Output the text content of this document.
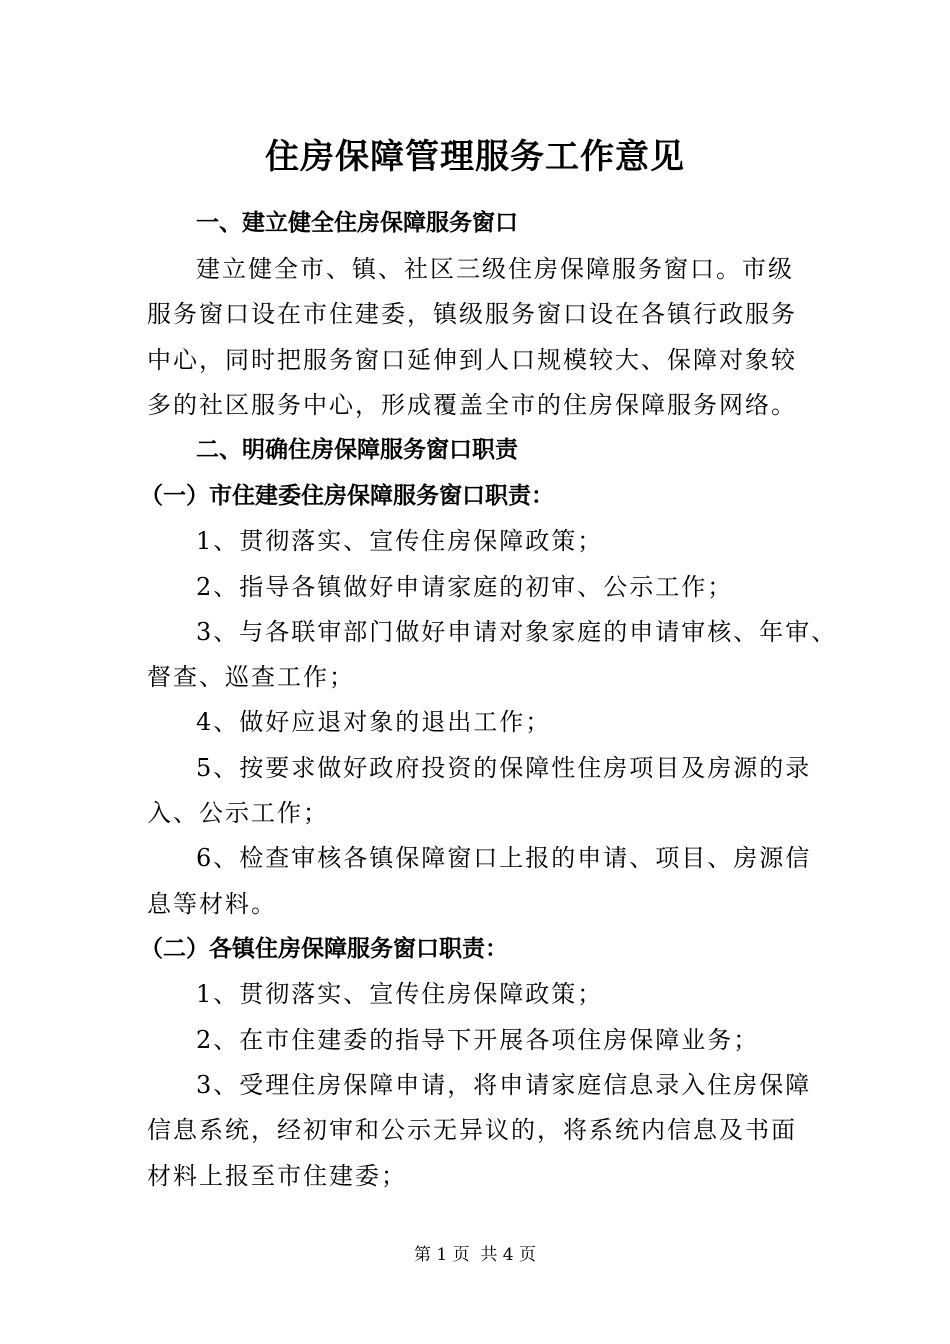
住房保障管理服务工作意见
一、建立健全住房保障服务窗口
建立健全市、镇、社区三级住房保障服务窗口。市级
服务窗口设在市住建委，镇级服务窗口设在各镇行政服务
中心，同时把服务窗口延伸到人口规模较大、保障对象较
多的社区服务中心，形成覆盖全市的住房保障服务网络。
二、明确住房保障服务窗口职责
（一）市住建委住房保障服务窗口职责：
1、贯彻落实、宣传住房保障政策；
2、指导各镇做好申请家庭的初审、公示工作；
3、与各联审部门做好申请对象家庭的申请审核、年审、
督查、巡查工作；
4、做好应退对象的退出工作；
5、按要求做好政府投资的保障性住房项目及房源的录
入、公示工作；
6、检查审核各镇保障窗口上报的申请、项目、房源信
息等材料。
（二）各镇住房保障服务窗口职责：
1、贯彻落实、宣传住房保障政策；
2、在市住建委的指导下开展各项住房保障业务；
3、受理住房保障申请，将申请家庭信息录入住房保障
信息系统，经初审和公示无异议的，将系统内信息及书面
材料上报至市住建委；
第 1 页  共 4 页
